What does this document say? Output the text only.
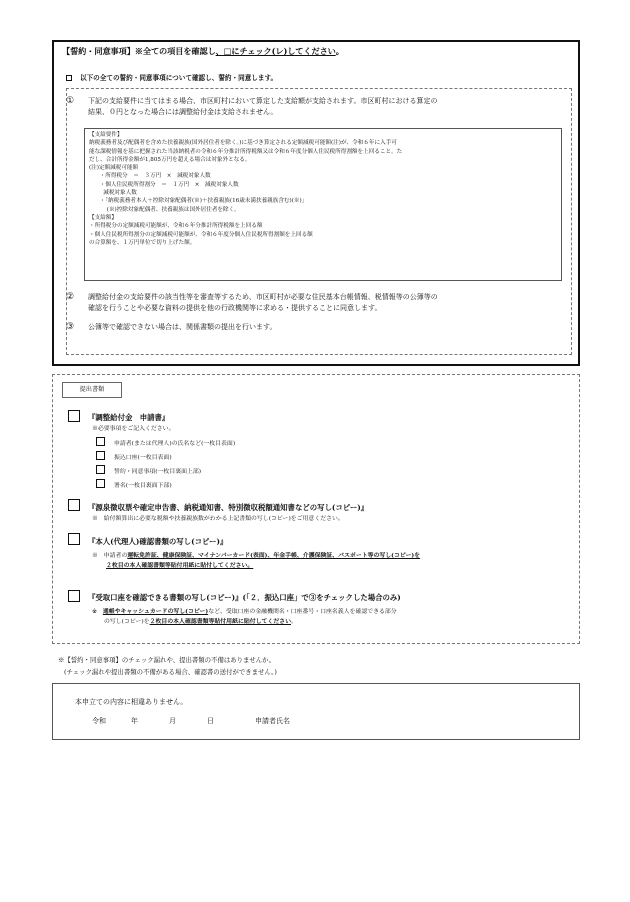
【誓約・同意事項】※全ての項目を確認し、□にチェック(レ)してください。
以下の全ての誓約・同意事項について確認し、誓約・同意します。
① 下記の支給要件に当てはまる場合、市区町村において算定した支給額が支給されます。市区町村における算定の
結果、０円となった場合には調整給付金は支給されません。
【支給要件】
納税義務者及び配偶者を含めた扶養親族(国外居住者を除く。)に基づき算定される定額減税可能額(注)が、令和６年に入手可
能な課税情報を基に把握された当該納税者の令和６年分推計所得税額又は令和６年度分個人住民税所得割額を上回ること。た
だし、合計所得金額が1,805万円を超える場合は対象外となる。
(注)定額減税可能額
・所得税分　＝　３万円　×　減税対象人数
・個人住民税所得割分　＝　１万円　×　減税対象人数
減税対象人数
・「納税義務者本人＋控除対象配偶者(※)＋扶養親族(16歳未満扶養親族含む)(※)」
(※)控除対象配偶者、扶養親族は国外居住者を除く。
【支給額】
・所得税分の定額減税可能額が、令和６年分推計所得税額を上回る額
・個人住民税所得割分の定額減税可能額が、令和６年度分個人住民税所得割額を上回る額
の合算額を、１万円単位で切り上げた額。
② 調整給付金の支給要件の該当性等を審査等するため、市区町村が必要な住民基本台帳情報、税情報等の公簿等の
確認を行うことや必要な資料の提供を他の行政機関等に求める・提供することに同意します。
③ 公簿等で確認できない場合は、関係書類の提出を行います。
提出書類
『調整給付金　申請書』
※必要事項をご記入ください。
申請者(または代理人)の氏名など(一枚目表面)
振込口座(一枚目表面)
誓約・同意事項(一枚目裏面上部)
署名(一枚目裏面下部)
『源泉徴収票や確定申告書、納税通知書、特別徴収税額通知書などの写し(コピー)』
※　給付額算出に必要な税額や扶養親族数がわかる上記書類の写し(コピー)をご用意ください。
『本人(代理人)確認書類の写し(コピー)』
※　申請者の運転免許証、健康保険証、マイナンバーカード(表面)、年金手帳、介護保険証、パスポート等の写し(コピー)を
２枚目の本人確認書類等貼付用紙に貼付してください。
『受取口座を確認できる書類の写し(コピー)』(「２．振込口座」で③をチェックした場合のみ)
※　通帳やキャッシュカードの写し(コピー)など、受取口座の金融機関名・口座番号・口座名義人を確認できる部分
の写し(コピー)を２枚目の本人確認書類等貼付用紙に貼付してください。
※【誓約・同意事項】のチェック漏れや、提出書類の不備はありませんか。
(チェック漏れや提出書類の不備がある場合、確認書の送付ができません。)
本申立ての内容に相違ありません。
令和	年	月	日	申請者氏名
